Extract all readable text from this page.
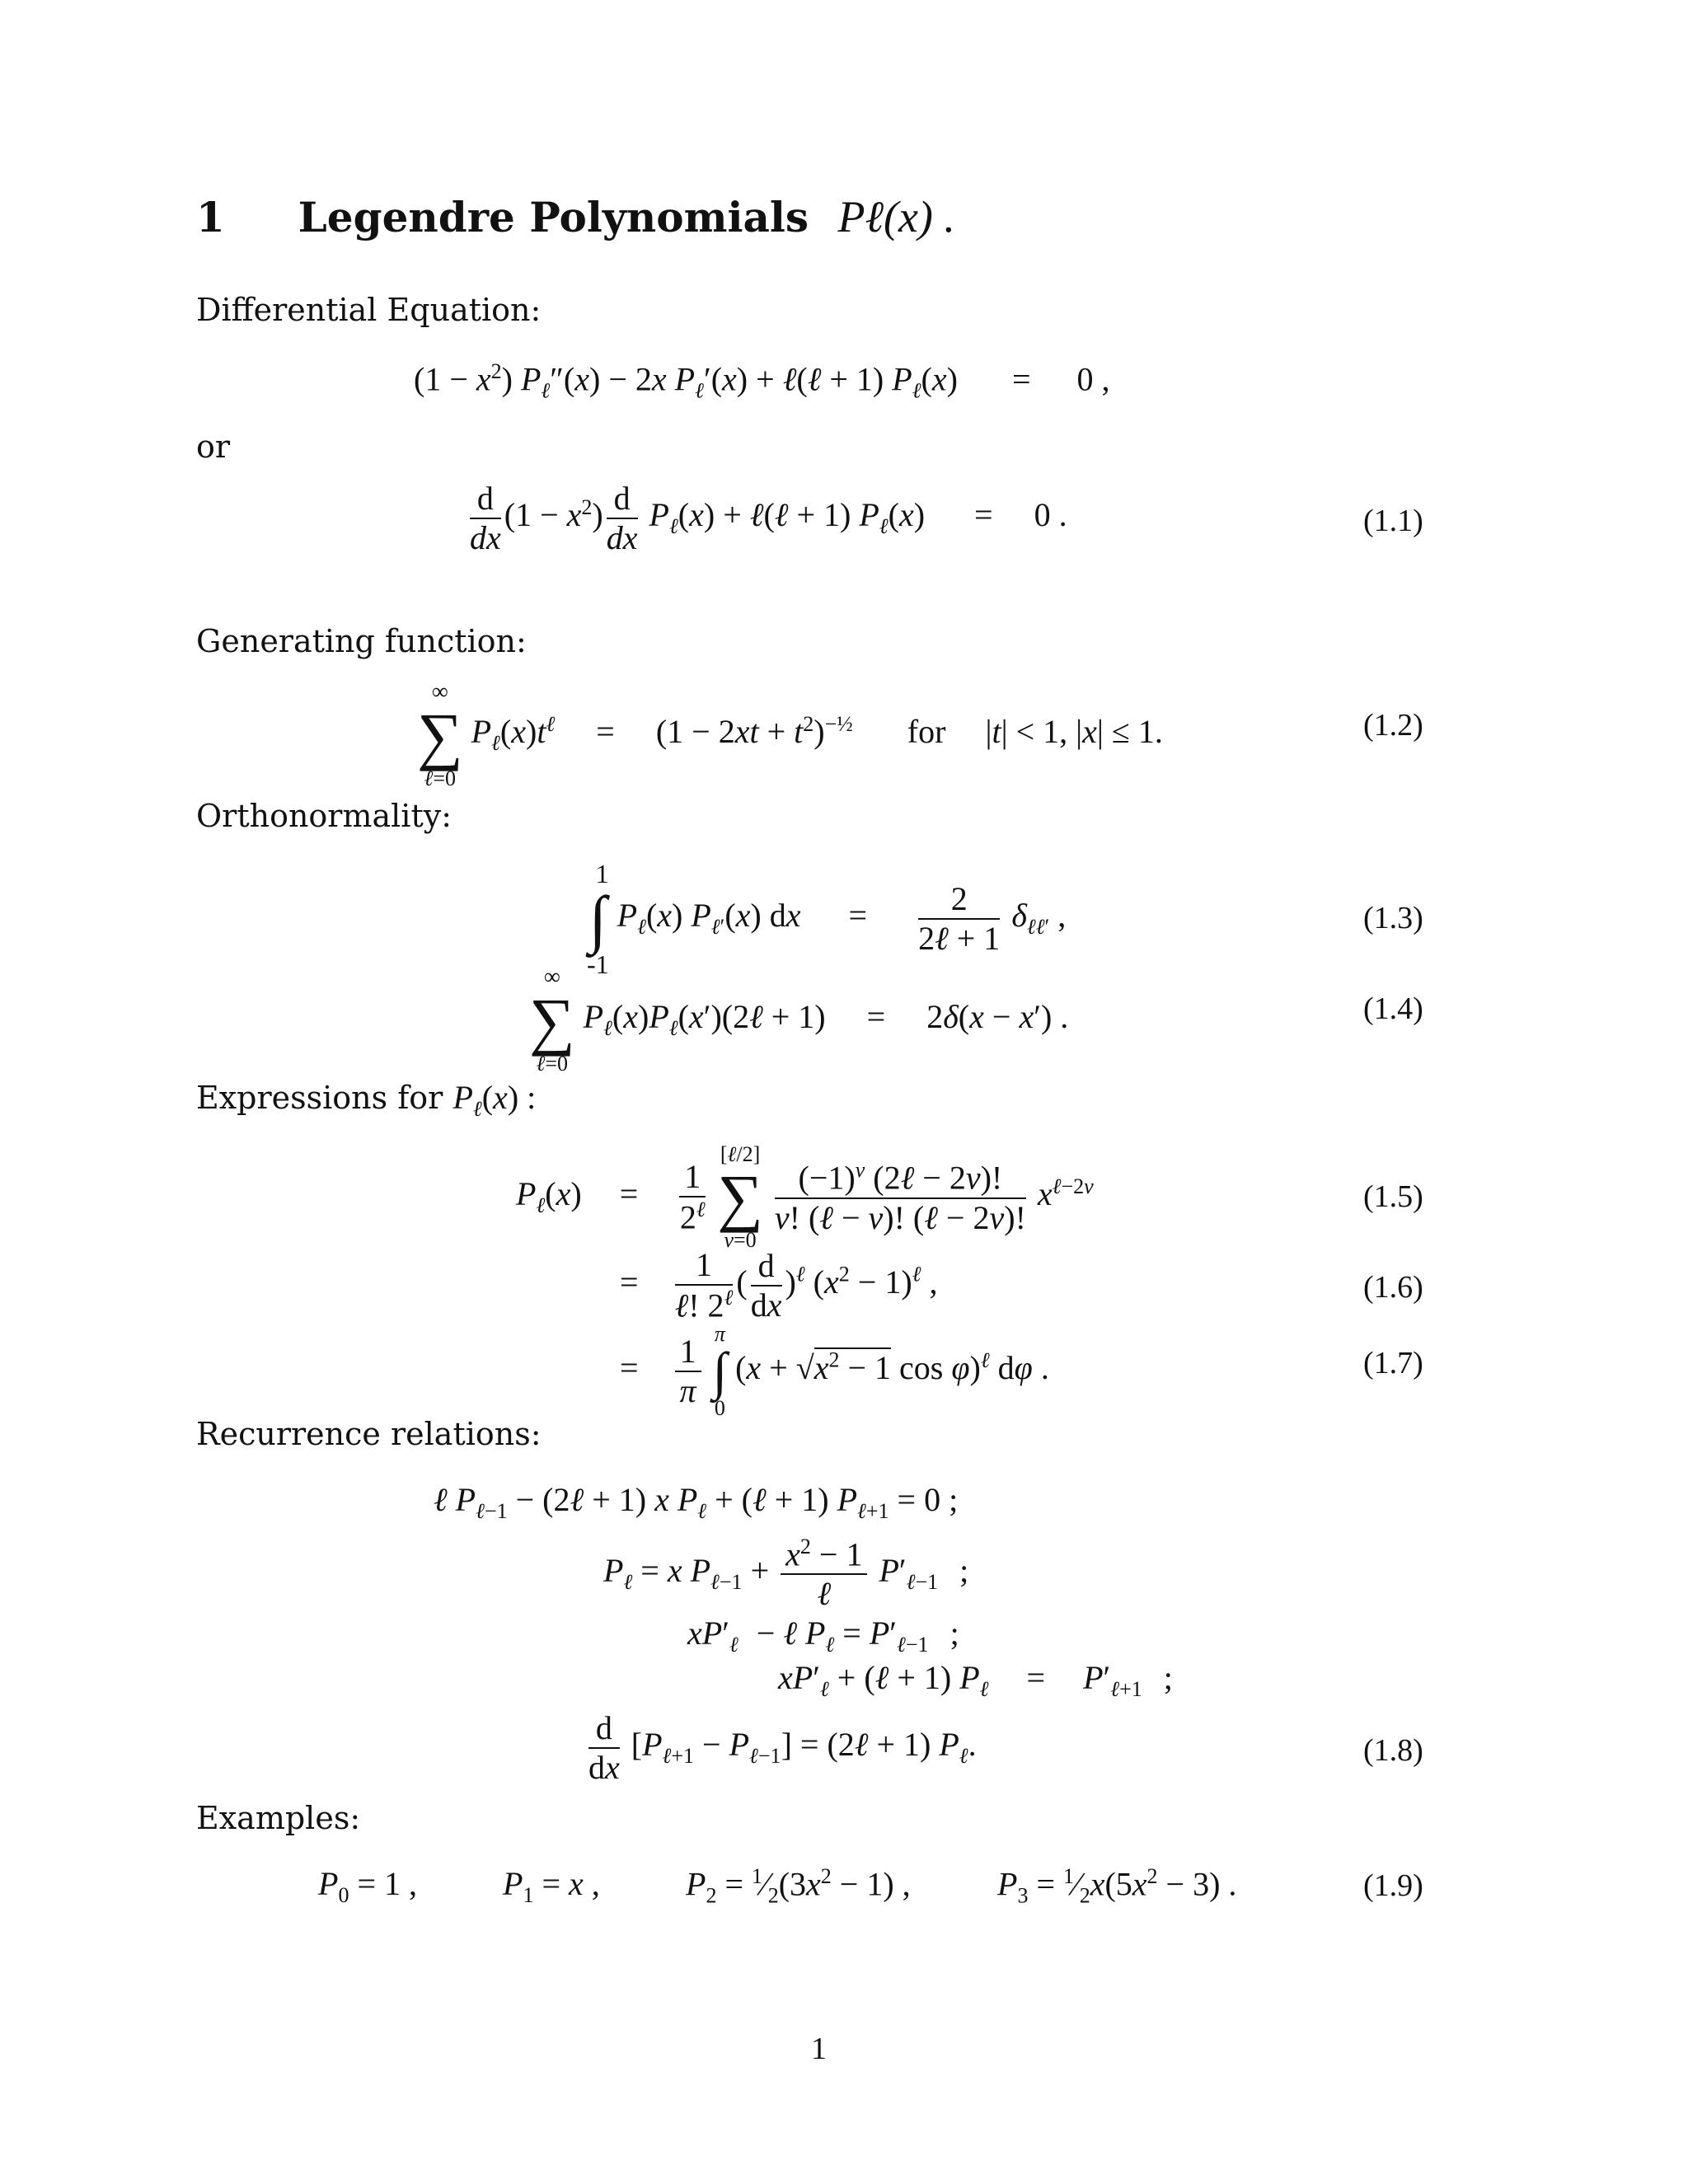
1 Legendre Polynomials Pℓ(x) .
Differential Equation:
$(1 - x^2)$ $P_\ell''(x) - 2x$ $P_\ell'(x)$ + ℓ(ℓ + 1) $P_\ell(x) = 0$ ,
or
$\frac{d}{dx} (1 - x^2) \frac{d}{dx} P_\ell(x)$ + ℓ(ℓ + 1) $P_\ell(x) = 0$ .	(1.1)
Generating function:
∞
∑
ℓ=0
$P_\ell(x)t^\ell = (1 - 2xt + t^2)^{-\frac{1}{2}}$ for |t| < 1, |x| ≤ 1.	(1.2)
Orthonormality:
1
∫
-1
$P_\ell(x)$ $P_{\ell'}(x)$ dx = $\frac{2}{\text{2ℓ + 1}} \delta_{\ell\ell'}$ ,	(1.3)
∞
∑
ℓ=0
$P_\ell(x)P_\ell(x')(2\ell + 1) = 2\delta(x - x')$ .	(1.4)
Expressions for $P_\ell(x)$ :
$P_\ell(x) = \frac{1}{2^\ell}$

[ℓ/2]
∑
ν=0

$\frac{(-1)^\nu (2\ell - 2\nu)!}{\text{ν! (ℓ − ν)! (ℓ − 2ν)!}} x^{\ell-2\nu}$	(1.5)
= $\frac{1}{\ell! 2^\ell}$ ( $\frac{d}{dx} )^\ell$ $(x^2 - 1)^\ell$ ,	(1.6)
= $\frac{1}{\pi}$
π
∫
0
($x + √x^2 - 1$ cos φ)$^\ell$ dφ .	(1.7)
Recurrence relations:
ℓ $P_{\ell-1}$ − (2ℓ + 1) x $P_\ell$ + (ℓ + 1) $P_{\ell+1} = 0$ ;
$P_\ell = x$ $P_{\ell-1} + \frac{x^2 - 1}{\text{ℓ}} P'_{\ell-1}$ ;
$xP'_\ell$ − ℓ $P_\ell = P'_{\ell-1}$ ;
$xP'_\ell$ + (ℓ + 1) $P_\ell = P'_{\ell+1}$ ;
$\frac{d}{dx} [P_{\ell+1} - P_{\ell-1}]$ = (2ℓ + 1) $P_\ell$.	(1.8)
Examples:
$P_0 = 1$ ,	$P_1 = x$ ,	$P_2$ = $^1⁄_2(3x^2 - 1)$ ,	$P_3$ = $^1⁄_2x(5x^2 - 3)$ .	(1.9)
1
